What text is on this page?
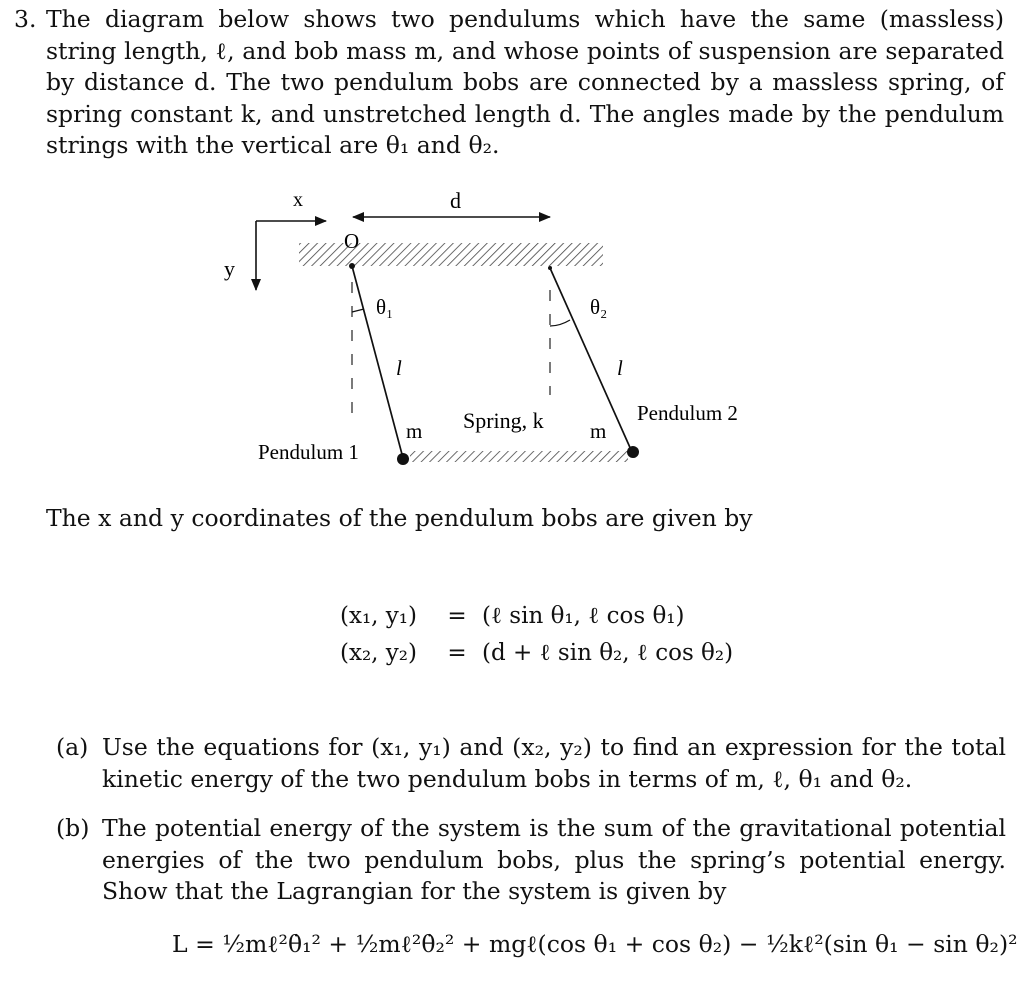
3. The diagram below shows two pendulums which have the same (massless) string length, ℓ, and bob mass m, and whose points of suspension are separated by distance d. The two pendulum bobs are connected by a massless spring, of spring constant k, and unstretched length d. The angles made by the pendulum strings with the vertical are θ₁ and θ₂.
x
y
d
O
θ₁	θ₂
l	l
m	m
Spring, k
Pendulum 1
Pendulum 2
The x and y coordinates of the pendulum bobs are given by
(x₁, y₁)	= (ℓ sin θ₁, ℓ cos θ₁)
(x₂, y₂)	= (d + ℓ sin θ₂, ℓ cos θ₂)
(a) Use the equations for (x₁, y₁) and (x₂, y₂) to find an expression for the total kinetic energy of the two pendulum bobs in terms of m, ℓ, θ₁ and θ₂.
(b) The potential energy of the system is the sum of the gravitational potential energies of the two pendulum bobs, plus the spring’s potential energy. Show that the Lagrangian for the system is given by
L = ½mℓ²θ̇₁² + ½mℓ²θ̇₂² + mgℓ(cos θ₁ + cos θ₂) − ½kℓ²(sin θ₁ − sin θ₂)²
